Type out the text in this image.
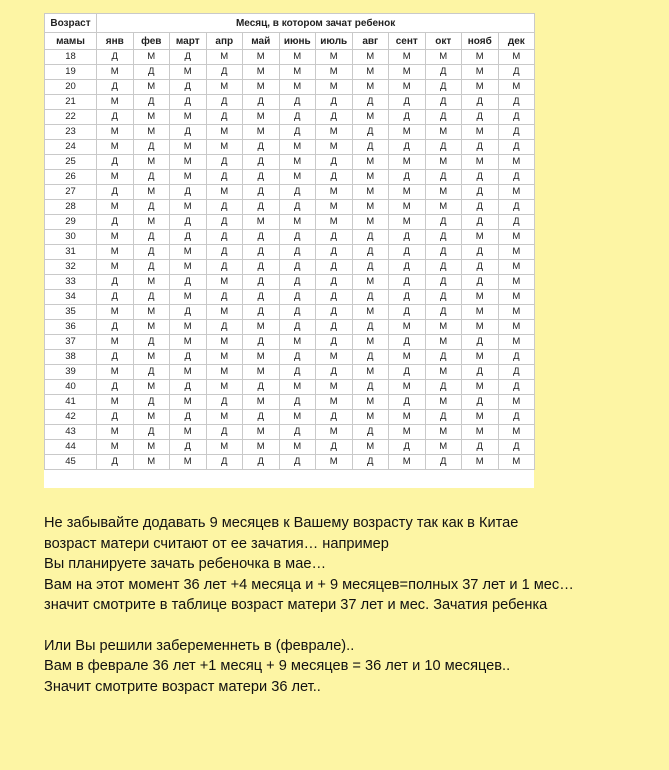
Возраст	Месяц, в котором зачат ребенок											
мамы	янв	фев	март	апр	май	июнь	июль	авг	сент	окт	нояб	дек
18	Д	М	Д	М	М	М	М	М	М	М	М	М
19	М	Д	М	Д	М	М	М	М	М	Д	М	Д
20	Д	М	Д	М	М	М	М	М	М	Д	М	М
21	М	Д	Д	Д	Д	Д	Д	Д	Д	Д	Д	Д
22	Д	М	М	Д	М	Д	Д	М	Д	Д	Д	Д
23	М	М	Д	М	М	Д	М	Д	М	М	М	Д
24	М	Д	М	М	Д	М	М	Д	Д	Д	Д	Д
25	Д	М	М	Д	Д	М	Д	М	М	М	М	М
26	М	Д	М	Д	Д	М	Д	М	Д	Д	Д	Д
27	Д	М	Д	М	Д	Д	М	М	М	М	Д	М
28	М	Д	М	Д	Д	Д	М	М	М	М	Д	Д
29	Д	М	Д	Д	М	М	М	М	М	Д	Д	Д
30	М	Д	Д	Д	Д	Д	Д	Д	Д	Д	М	М
31	М	Д	М	Д	Д	Д	Д	Д	Д	Д	Д	М
32	М	Д	М	Д	Д	Д	Д	Д	Д	Д	Д	М
33	Д	М	Д	М	Д	Д	Д	М	Д	Д	Д	М
34	Д	Д	М	Д	Д	Д	Д	Д	Д	Д	М	М
35	М	М	Д	М	Д	Д	Д	М	Д	Д	М	М
36	Д	М	М	Д	М	Д	Д	Д	М	М	М	М
37	М	Д	М	М	Д	М	Д	М	Д	М	Д	М
38	Д	М	Д	М	М	Д	М	Д	М	Д	М	Д
39	М	Д	М	М	М	Д	Д	М	Д	М	Д	Д
40	Д	М	Д	М	Д	М	М	Д	М	Д	М	Д
41	М	Д	М	Д	М	Д	М	М	Д	М	Д	М
42	Д	М	Д	М	Д	М	Д	М	М	Д	М	Д
43	М	Д	М	Д	М	Д	М	Д	М	М	М	М
44	М	М	Д	М	М	М	Д	М	Д	М	Д	Д
45	Д	М	М	Д	Д	Д	М	Д	М	Д	М	М

Не забывайте додавать 9 месяцев к Вашему возрасту так как в Китае

возраст матери считают от ее зачатия… например

Вы планируете зачать ребеночка в мае…

Вам на этот момент 36 лет +4 месяца и + 9 месяцев=полных 37 лет и 1 мес…

значит смотрите в таблице возраст матери 37 лет и мес. Зачатия ребенка

Или Вы решили забеременнеть в (феврале)..

Вам в феврале 36 лет +1 месяц + 9 месяцев = 36 лет и 10 месяцев..

Значит смотрите возраст матери 36 лет..
